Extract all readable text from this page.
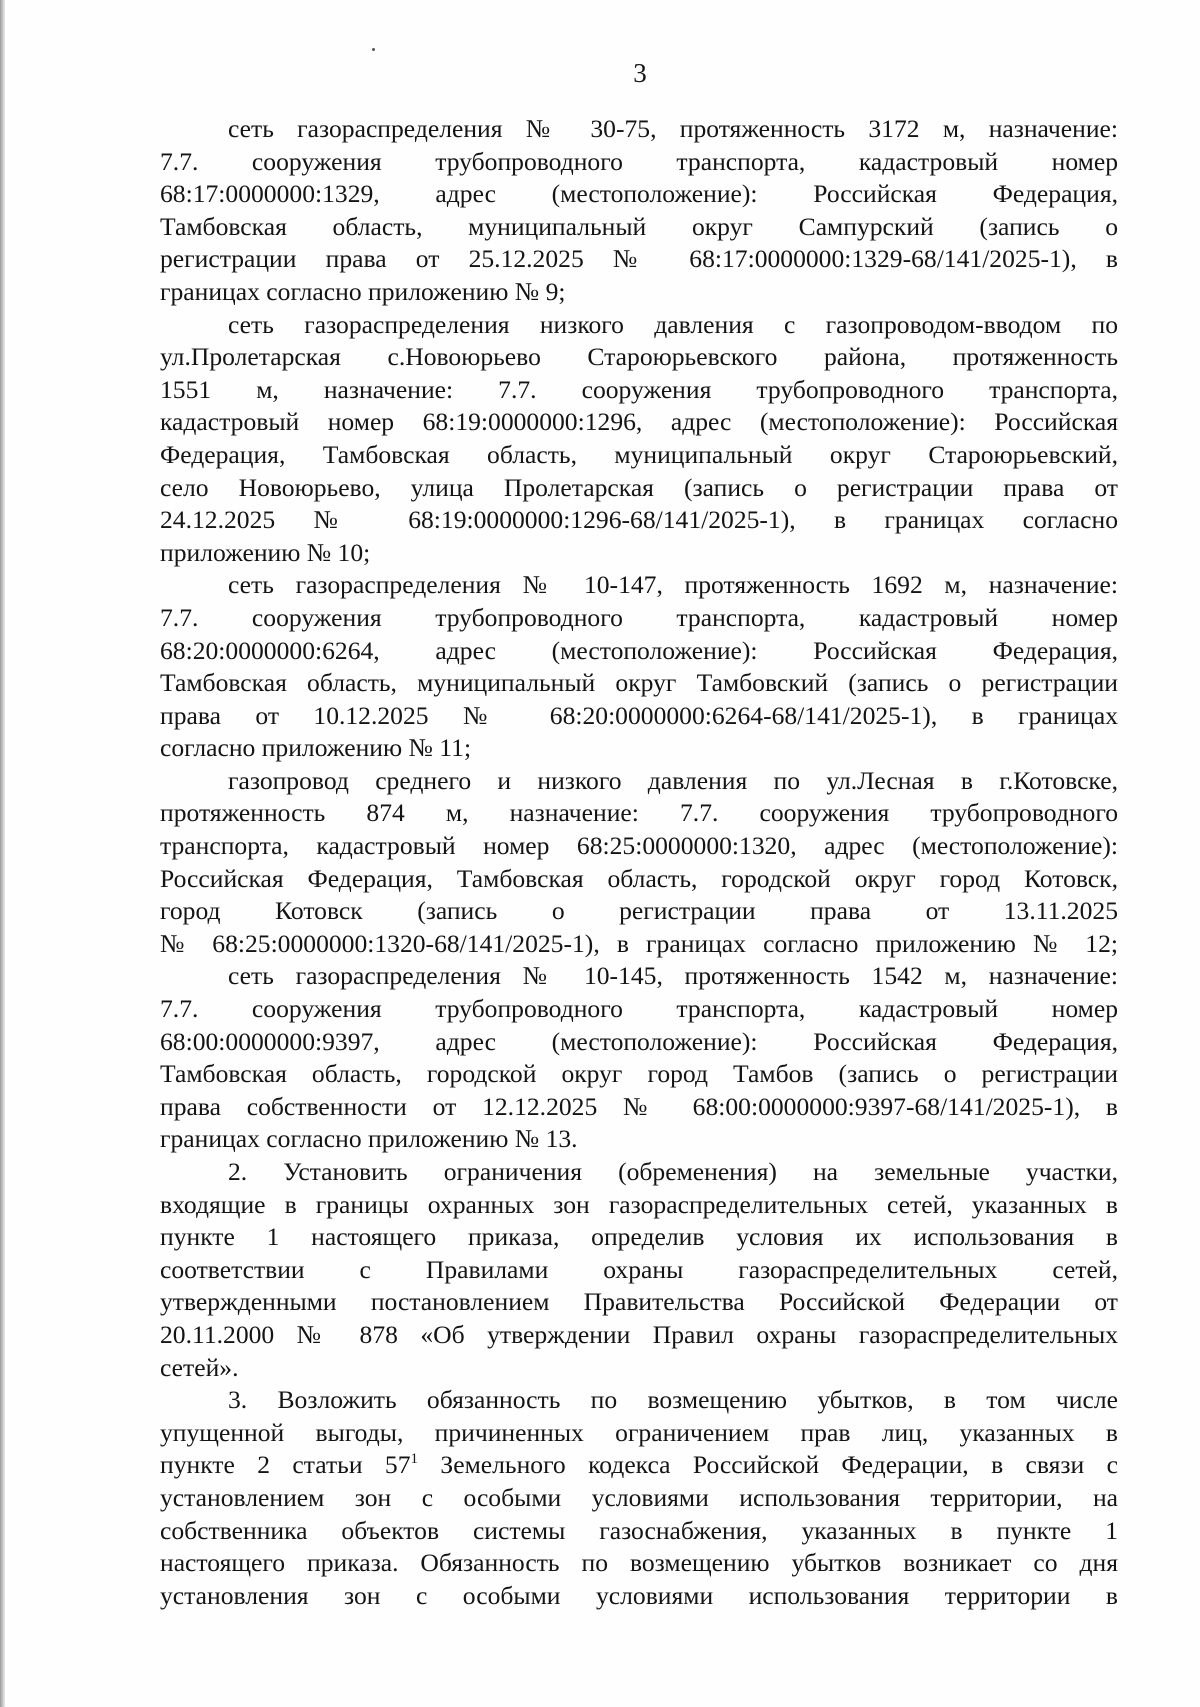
3
сеть газораспределения № 30-75, протяженность 3172 м, назначение:
7.7. сооружения трубопроводного транспорта, кадастровый номер
68:17:0000000:1329, адрес (местоположение): Российская Федерация,
Тамбовская область, муниципальный округ Сампурский (запись о
регистрации права от 25.12.2025 № 68:17:0000000:1329-68/141/2025-1), в
границах согласно приложению № 9;
сеть газораспределения низкого давления с газопроводом-вводом по
ул.Пролетарская с.Новоюрьево Староюрьевского района, протяженность
1551 м, назначение: 7.7. сооружения трубопроводного транспорта,
кадастровый номер 68:19:0000000:1296, адрес (местоположение): Российская
Федерация, Тамбовская область, муниципальный округ Староюрьевский,
село Новоюрьево, улица Пролетарская (запись о регистрации права от
24.12.2025 № 68:19:0000000:1296-68/141/2025-1), в границах согласно
приложению № 10;
сеть газораспределения № 10-147, протяженность 1692 м, назначение:
7.7. сооружения трубопроводного транспорта, кадастровый номер
68:20:0000000:6264, адрес (местоположение): Российская Федерация,
Тамбовская область, муниципальный округ Тамбовский (запись о регистрации
права от 10.12.2025 № 68:20:0000000:6264-68/141/2025-1), в границах
согласно приложению № 11;
газопровод среднего и низкого давления по ул.Лесная в г.Котовске,
протяженность 874 м, назначение: 7.7. сооружения трубопроводного
транспорта, кадастровый номер 68:25:0000000:1320, адрес (местоположение):
Российская Федерация, Тамбовская область, городской округ город Котовск,
город Котовск (запись о регистрации права от 13.11.2025
№ 68:25:0000000:1320-68/141/2025-1), в границах согласно приложению № 12;
сеть газораспределения № 10-145, протяженность 1542 м, назначение:
7.7. сооружения трубопроводного транспорта, кадастровый номер
68:00:0000000:9397, адрес (местоположение): Российская Федерация,
Тамбовская область, городской округ город Тамбов (запись о регистрации
права собственности от 12.12.2025 № 68:00:0000000:9397-68/141/2025-1), в
границах согласно приложению № 13.
2. Установить ограничения (обременения) на земельные участки,
входящие в границы охранных зон газораспределительных сетей, указанных в
пункте 1 настоящего приказа, определив условия их использования в
соответствии с Правилами охраны газораспределительных сетей,
утвержденными постановлением Правительства Российской Федерации от
20.11.2000 № 878 «Об утверждении Правил охраны газораспределительных
сетей».
3. Возложить обязанность по возмещению убытков, в том числе
упущенной выгоды, причиненных ограничением прав лиц, указанных в
пункте 2 статьи $57^1$ Земельного кодекса Российской Федерации, в связи с
установлением зон с особыми условиями использования территории, на
собственника объектов системы газоснабжения, указанных в пункте 1
настоящего приказа. Обязанность по возмещению убытков возникает со дня
установления зон с особыми условиями использования территории в
